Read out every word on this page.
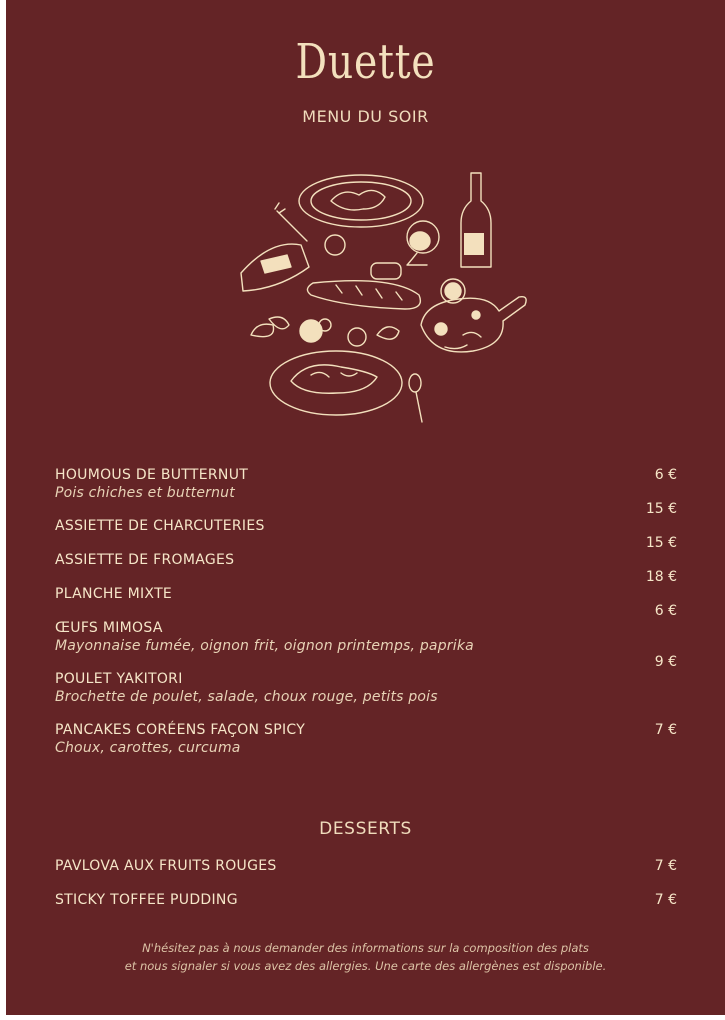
Duette
MENU DU SOIR
HOUMOUS DE BUTTERNUT
Pois chiches et butternut
ASSIETTE DE CHARCUTERIES
ASSIETTE DE FROMAGES
PLANCHE MIXTE
ŒUFS MIMOSA
Mayonnaise fumée, oignon frit, oignon printemps, paprika
POULET YAKITORI
Brochette de poulet, salade, choux rouge, petits pois
PANCAKES CORÉENS FAÇON SPICY
Choux, carottes, curcuma
6 €
15 €
15 €
18 €
6 €
9 €
7 €
DESSERTS
PAVLOVA AUX FRUITS ROUGES	7 €
STICKY TOFFEE PUDDING	7 €
N'hésitez pas à nous demander des informations sur la composition des plats
et nous signaler si vous avez des allergies. Une carte des allergènes est disponible.
